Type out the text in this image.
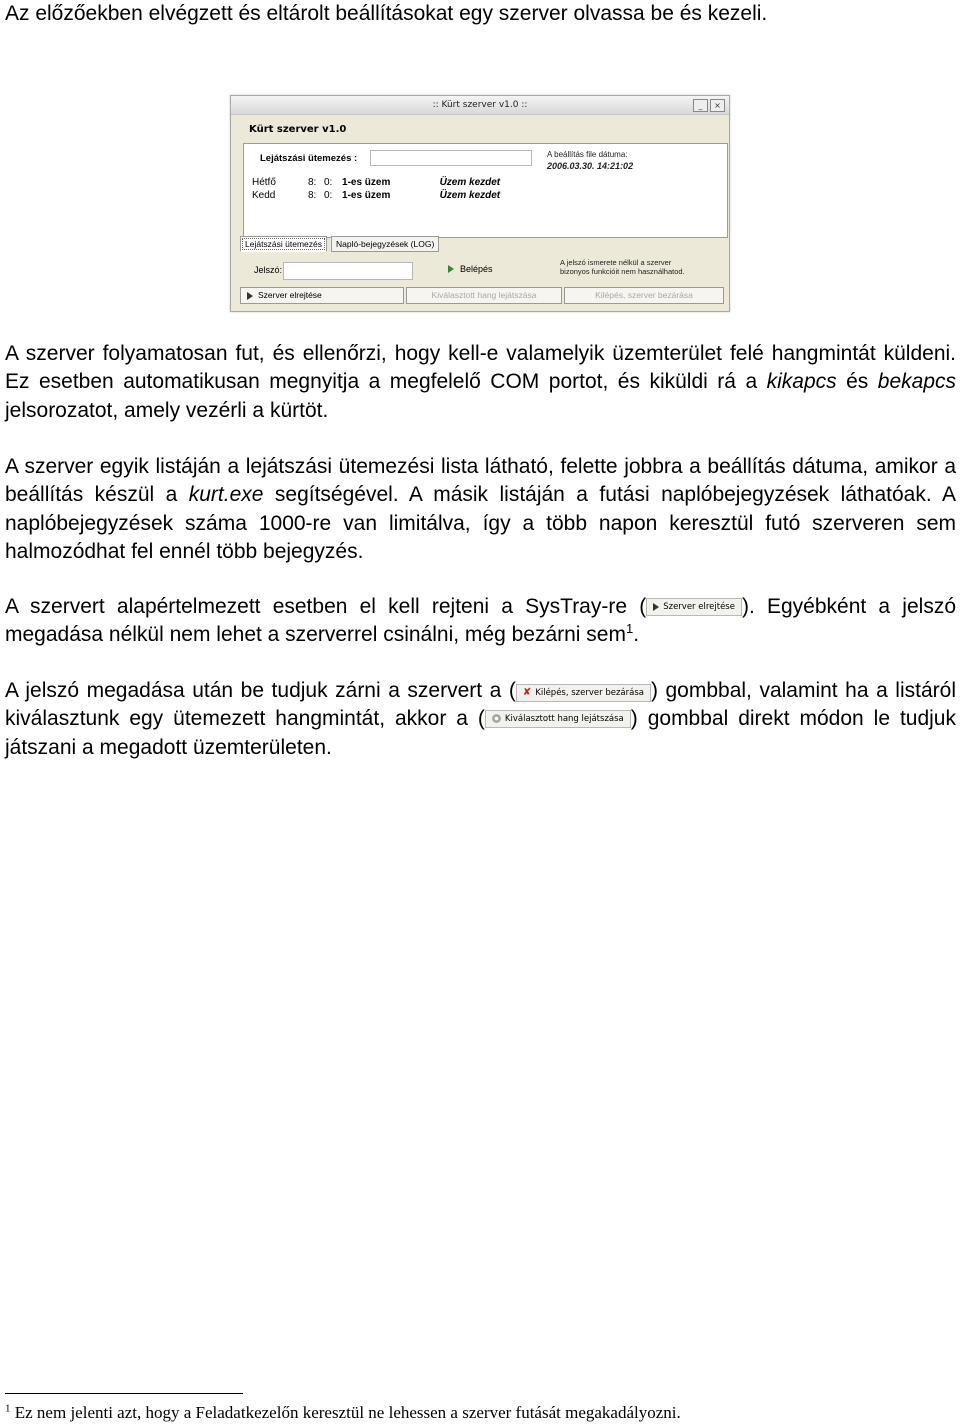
Az előzőekben elvégzett és eltárolt beállításokat egy szerver olvassa be és kezeli.

:: Kürt szerver v1.0 ::	_	×
Kürt szerver v1.0
Lejátszási ütemezés :	A beállítás file dátuma:
2006.03.30. 14:21:02
Hétfő	8: 0: 1 -es üzem	Üzem kezdet
Kedd	8: 0: 1 -es üzem	Üzem kezdet
Lejátszási ütemezés	Napló-bejegyzések (LOG)
Jelszó:	Belépés
A jelszó ismerete nélkül a szerver
bizonyos funkcióit nem használhatod.
Szerver elrejtése	Kiválasztott hang lejátszása	Kilépés, szerver bezárása

A szerver folyamatosan fut, és ellenőrzi, hogy kell-e valamelyik üzemterület felé hangmintát küldeni. Ez esetben automatikusan megnyitja a megfelelő COM portot, és kiküldi rá a kikapcs és bekapcs jelsorozatot, amely vezérli a kürtöt.

A szerver egyik listáján a lejátszási ütemezési lista látható, felette jobbra a beállítás dátuma, amikor a beállítás készül a kurt.exe segítségével. A másik listáján a futási naplóbejegyzések láthatóak. A naplóbejegyzések száma 1000-re van limitálva, így a több napon keresztül futó szerveren sem halmozódhat fel ennél több bejegyzés.

A szervert alapértelmezett esetben el kell rejteni a SysTray-re ( Szerver elrejtése ). Egyébként a jelszó megadása nélkül nem lehet a szerverrel csinálni, még bezárni sem$^1$.

A jelszó megadása után be tudjuk zárni a szervert a ( ✘ Kilépés, szerver bezárása ) gombbal, valamint ha a listáról kiválasztunk egy ütemezett hangmintát, akkor a ( Kiválasztott hang lejátszása ) gombbal direkt módon le tudjuk játszani a megadott üzemterületen.

$^1$ Ez nem jelenti azt, hogy a Feladatkezelőn keresztül ne lehessen a szerver futását megakadályozni.
